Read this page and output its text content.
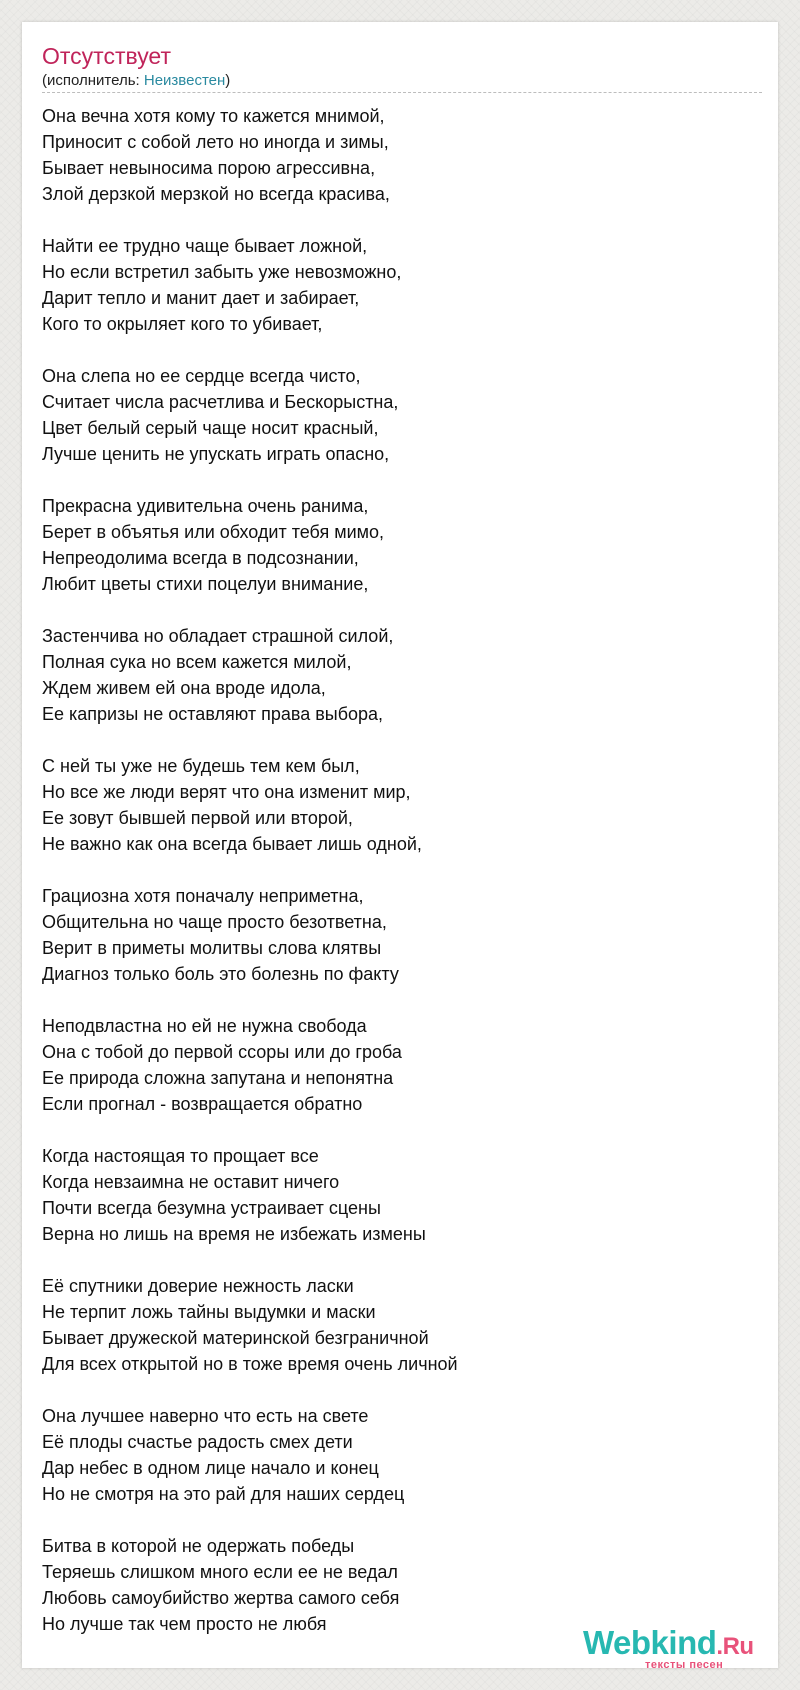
Отсутствует
(исполнитель: Неизвестен)
Она вечна хотя кому то кажется мнимой,
Приносит с собой лето но иногда и зимы,
Бывает невыносима порою агрессивна,
Злой дерзкой мерзкой но всегда красива,
Найти ее трудно чаще бывает ложной,
Но если встретил забыть уже невозможно,
Дарит тепло и манит дает и забирает,
Кого то окрыляет кого то убивает,
Она слепа но ее сердце всегда чисто,
Считает числа расчетлива и Бескорыстна,
Цвет белый серый чаще носит красный,
Лучше ценить не упускать играть опасно,
Прекрасна удивительна очень ранима,
Берет в объятья или обходит тебя мимо,
Непреодолима всегда в подсознании,
Любит цветы стихи поцелуи внимание,
Застенчива но обладает страшной силой,
Полная сука но всем кажется милой,
Ждем живем ей она вроде идола,
Ее капризы не оставляют права выбора,
С ней ты уже не будешь тем кем был,
Но все же люди верят что она изменит мир,
Ее зовут бывшей первой или второй,
Не важно как она всегда бывает лишь одной,
Грациозна хотя поначалу неприметна,
Общительна но чаще просто безответна,
Верит в приметы молитвы слова клятвы
Диагноз только боль это болезнь по факту
Неподвластна но ей не нужна свобода
Она с тобой до первой ссоры или до гроба
Ее природа сложна запутана и непонятна
Если прогнал - возвращается обратно
Когда настоящая то прощает все
Когда невзаимна не оставит ничего
Почти всегда безумна устраивает сцены
Верна но лишь на время не избежать измены
Её спутники доверие нежность ласки
Не терпит ложь тайны выдумки и маски
Бывает дружеской материнской безграничной
Для всех открытой но в тоже время очень личной
Она лучшее наверно что есть на свете
Её плоды счастье радость смех дети
Дар небес в одном лице начало и конец
Но не смотря на это рай для наших сердец
Битва в которой не одержать победы
Теряешь слишком много если ее не ведал
Любовь самоубийство жертва самого себя
Но лучше так чем просто не любя	Webkind.Ru
тексты песен
